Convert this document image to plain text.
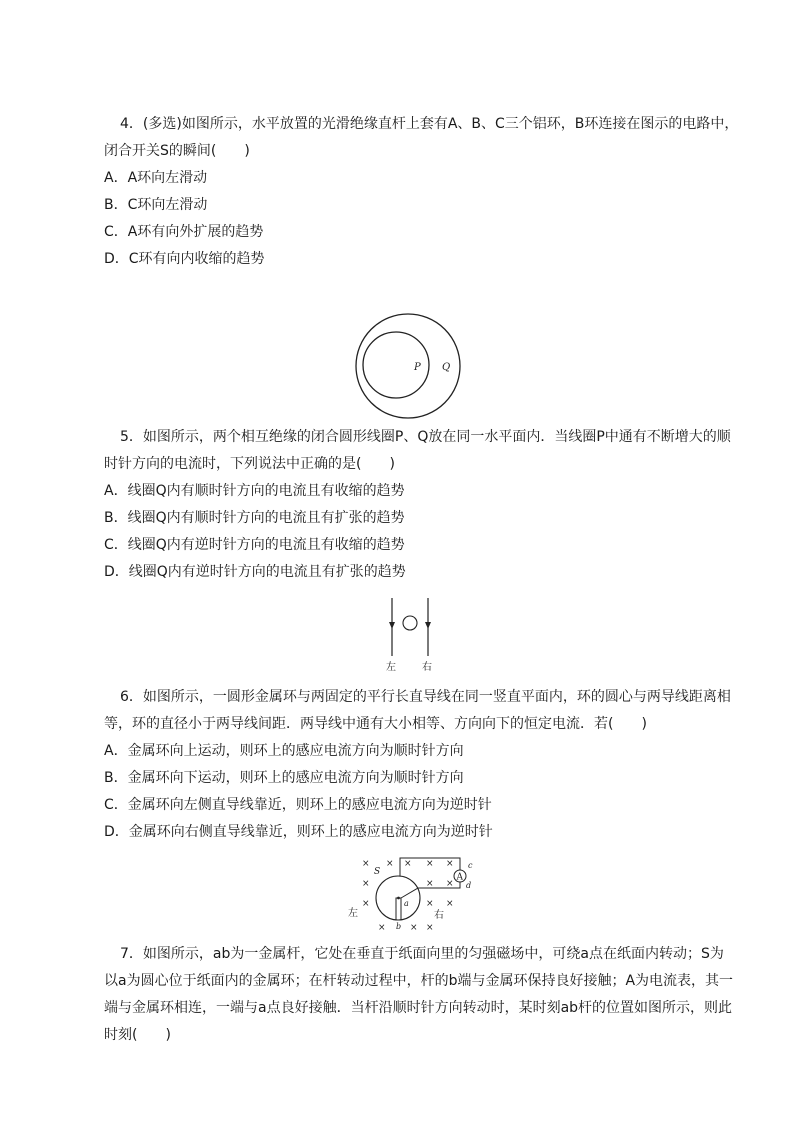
4．(多选)如图所示，水平放置的光滑绝缘直杆上套有A、B、C三个铝环，B环连接在图示的电路中，
闭合开关S的瞬间(　　)
A．A环向左滑动
B．C环向左滑动
C．A环有向外扩展的趋势
D．C环有向内收缩的趋势
P Q
5．如图所示，两个相互绝缘的闭合圆形线圈P、Q放在同一水平面内．当线圈P中通有不断增大的顺
时针方向的电流时，下列说法中正确的是(　　)
A．线圈Q内有顺时针方向的电流且有收缩的趋势
B．线圈Q内有顺时针方向的电流且有扩张的趋势
C．线圈Q内有逆时针方向的电流且有收缩的趋势
D．线圈Q内有逆时针方向的电流且有扩张的趋势
左	右
6．如图所示，一圆形金属环与两固定的平行长直导线在同一竖直平面内，环的圆心与两导线距离相
等，环的直径小于两导线间距．两导线中通有大小相等、方向向下的恒定电流．若(　　)
A．金属环向上运动，则环上的感应电流方向为顺时针方向
B．金属环向下运动，则环上的感应电流方向为顺时针方向
C．金属环向左侧直导线靠近，则环上的感应电流方向为逆时针
D．金属环向右侧直导线靠近，则环上的感应电流方向为逆时针
× × × × ×
×	× ×
×	× ×
×	× ×
S
A
c
d
a
b
左	右
7．如图所示，ab为一金属杆，它处在垂直于纸面向里的匀强磁场中，可绕a点在纸面内转动；S为
以a为圆心位于纸面内的金属环；在杆转动过程中，杆的b端与金属环保持良好接触；A为电流表，其一
端与金属环相连，一端与a点良好接触．当杆沿顺时针方向转动时，某时刻ab杆的位置如图所示，则此
时刻(　　)
